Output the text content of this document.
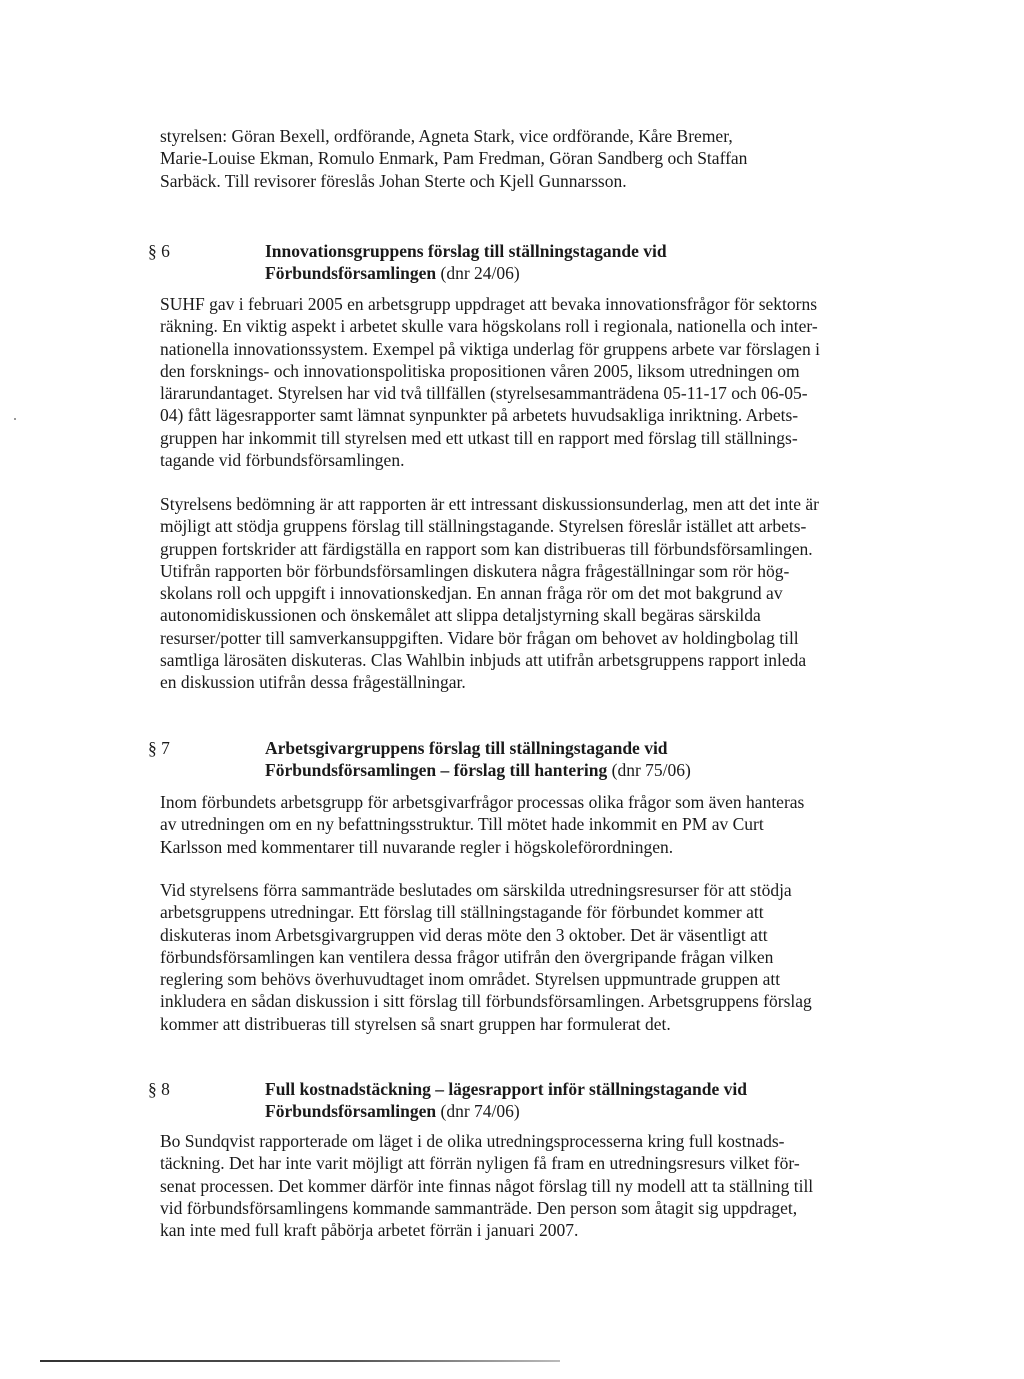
styrelsen: Göran Bexell, ordförande, Agneta Stark, vice ordförande, Kåre Bremer,
Marie-Louise Ekman, Romulo Enmark, Pam Fredman, Göran Sandberg och Staffan
Sarbäck. Till revisorer föreslås Johan Sterte och Kjell Gunnarsson.
§ 6	Innovationsgruppens förslag till ställningstagande vid
Förbundsförsamlingen (dnr 24/06)
SUHF gav i februari 2005 en arbetsgrupp uppdraget att bevaka innovationsfrågor för sektorns
räkning. En viktig aspekt i arbetet skulle vara högskolans roll i regionala, nationella och inter-
nationella innovationssystem. Exempel på viktiga underlag för gruppens arbete var förslagen i
den forsknings- och innovationspolitiska propositionen våren 2005, liksom utredningen om
lärarundantaget. Styrelsen har vid två tillfällen (styrelsesammanträdena 05-11-17 och 06-05-
04) fått lägesrapporter samt lämnat synpunkter på arbetets huvudsakliga inriktning. Arbets-
gruppen har inkommit till styrelsen med ett utkast till en rapport med förslag till ställnings-
tagande vid förbundsförsamlingen.
Styrelsens bedömning är att rapporten är ett intressant diskussionsunderlag, men att det inte är
möjligt att stödja gruppens förslag till ställningstagande. Styrelsen föreslår istället att arbets-
gruppen fortskrider att färdigställa en rapport som kan distribueras till förbundsförsamlingen.
Utifrån rapporten bör förbundsförsamlingen diskutera några frågeställningar som rör hög-
skolans roll och uppgift i innovationskedjan. En annan fråga rör om det mot bakgrund av
autonomidiskussionen och önskemålet att slippa detaljstyrning skall begäras särskilda
resurser/potter till samverkansuppgiften. Vidare bör frågan om behovet av holdingbolag till
samtliga lärosäten diskuteras. Clas Wahlbin inbjuds att utifrån arbetsgruppens rapport inleda
en diskussion utifrån dessa frågeställningar.
§ 7	Arbetsgivargruppens förslag till ställningstagande vid
Förbundsförsamlingen – förslag till hantering (dnr 75/06)
Inom förbundets arbetsgrupp för arbetsgivarfrågor processas olika frågor som även hanteras
av utredningen om en ny befattningsstruktur. Till mötet hade inkommit en PM av Curt
Karlsson med kommentarer till nuvarande regler i högskoleförordningen.
Vid styrelsens förra sammanträde beslutades om särskilda utredningsresurser för att stödja
arbetsgruppens utredningar. Ett förslag till ställningstagande för förbundet kommer att
diskuteras inom Arbetsgivargruppen vid deras möte den 3 oktober. Det är väsentligt att
förbundsförsamlingen kan ventilera dessa frågor utifrån den övergripande frågan vilken
reglering som behövs överhuvudtaget inom området. Styrelsen uppmuntrade gruppen att
inkludera en sådan diskussion i sitt förslag till förbundsförsamlingen. Arbetsgruppens förslag
kommer att distribueras till styrelsen så snart gruppen har formulerat det.
§ 8	Full kostnadstäckning – lägesrapport inför ställningstagande vid
Förbundsförsamlingen (dnr 74/06)
Bo Sundqvist rapporterade om läget i de olika utredningsprocesserna kring full kostnads-
täckning. Det har inte varit möjligt att förrän nyligen få fram en utredningsresurs vilket för-
senat processen. Det kommer därför inte finnas något förslag till ny modell att ta ställning till
vid förbundsförsamlingens kommande sammanträde. Den person som åtagit sig uppdraget,
kan inte med full kraft påbörja arbetet förrän i januari 2007.
